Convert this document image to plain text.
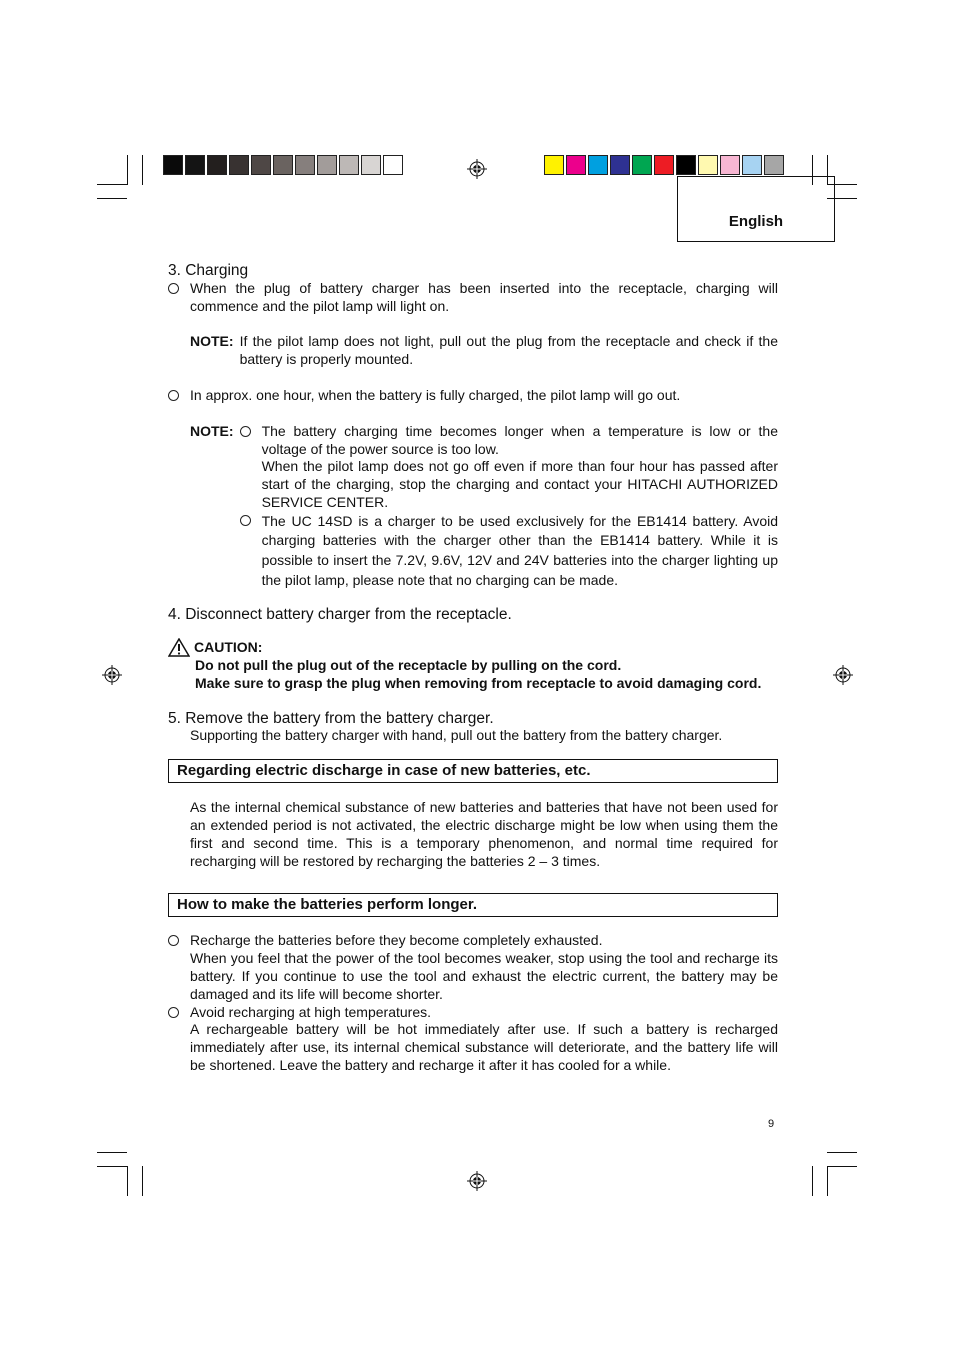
English

3. Charging

When the plug of battery charger has been inserted into the receptacle, charging will commence and the pilot lamp will light on.
NOTE: If the pilot lamp does not light, pull out the plug from the receptacle and check if the battery is properly mounted.
In approx. one hour, when the battery is fully charged, the pilot lamp will go out.
NOTE: The battery charging time becomes longer when a temperature is low or the voltage of the power source is too low.
When the pilot lamp does not go off even if more than four hour has passed after start of the charging, stop the charging and contact your HITACHI AUTHORIZED SERVICE CENTER.
The UC 14SD is a charger to be used exclusively for the EB1414 battery. Avoid charging batteries with the charger other than the EB1414 battery. While it is possible to insert the 7.2V, 9.6V, 12V and 24V batteries into the charger lighting up the pilot lamp, please note that no charging can be made.

4. Disconnect battery charger from the receptacle.

CAUTION:
Do not pull the plug out of the receptacle by pulling on the cord.
Make sure to grasp the plug when removing from receptacle to avoid damaging cord.

5. Remove the battery from the battery charger.

Supporting the battery charger with hand, pull out the battery from the battery charger.
Regarding electric discharge in case of new batteries, etc.
As the internal chemical substance of new batteries and batteries that have not been used for an extended period is not activated, the electric discharge might be low when using them the first and second time. This is a temporary phenomenon, and normal time required for recharging will be restored by recharging the batteries 2 – 3 times.
How to make the batteries perform longer.
Recharge the batteries before they become completely exhausted.
When you feel that the power of the tool becomes weaker, stop using the tool and recharge its battery. If you continue to use the tool and exhaust the electric current, the battery may be damaged and its life will become shorter.
Avoid recharging at high temperatures.
A rechargeable battery will be hot immediately after use. If such a battery is recharged immediately after use, its internal chemical substance will deteriorate, and the battery life will be shortened. Leave the battery and recharge it after it has cooled for a while.
9
